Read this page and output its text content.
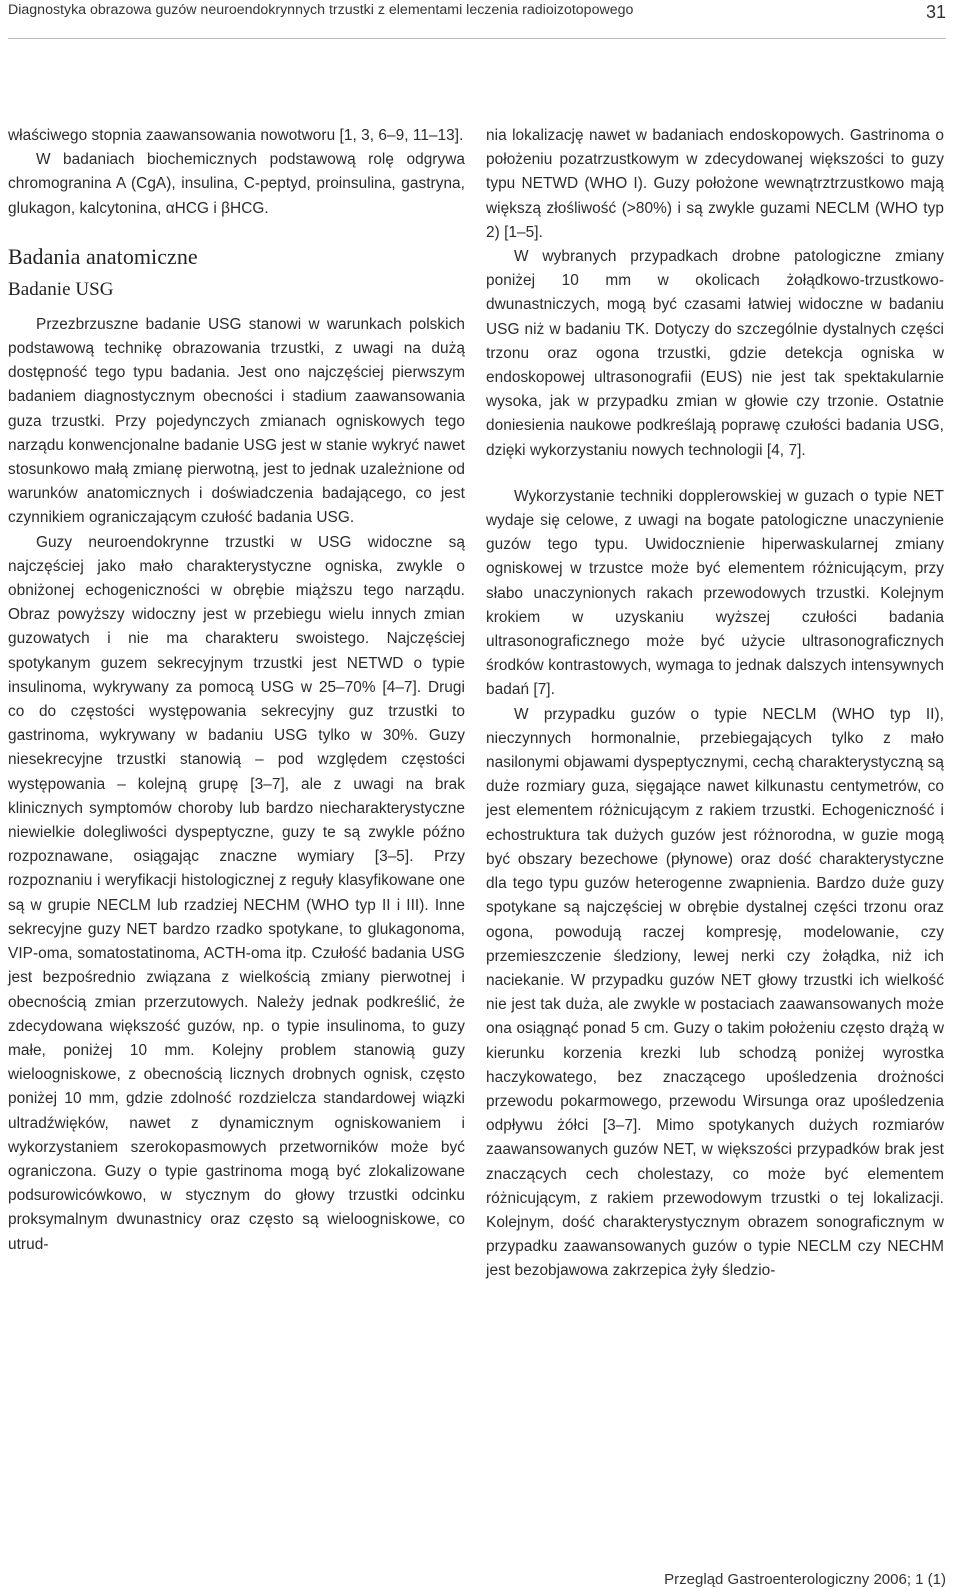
Diagnostyka obrazowa guzów neuroendokrynnych trzustki z elementami leczenia radioizotopowego	31

właściwego stopnia zaawansowania nowotworu [1, 3, 6–9, 11–13].

W badaniach biochemicznych podstawową rolę odgrywa chromogranina A (CgA), insulina, C-peptyd, proinsulina, gastryna, glukagon, kalcytonina, αHCG i βHCG.

Badania anatomiczne
Badanie USG

Przezbrzuszne badanie USG stanowi w warunkach polskich podstawową technikę obrazowania trzustki, z uwagi na dużą dostępność tego typu badania. Jest ono najczęściej pierwszym badaniem diagnostycznym obecności i stadium zaawansowania guza trzustki. Przy pojedynczych zmianach ogniskowych tego narządu konwencjonalne badanie USG jest w stanie wykryć nawet stosunkowo małą zmianę pierwotną, jest to jednak uzależnione od warunków anatomicznych i doświadczenia badającego, co jest czynnikiem ograniczającym czułość badania USG.

Guzy neuroendokrynne trzustki w USG widoczne są najczęściej jako mało charakterystyczne ogniska, zwykle o obniżonej echogeniczności w obrębie miąższu tego narządu. Obraz powyższy widoczny jest w przebiegu wielu innych zmian guzowatych i nie ma charakteru swoistego. Najczęściej spotykanym guzem sekrecyjnym trzustki jest NETWD o typie insulinoma, wykrywany za pomocą USG w 25–70% [4–7]. Drugi co do częstości występowania sekrecyjny guz trzustki to gastrinoma, wykrywany w badaniu USG tylko w 30%. Guzy niesekrecyjne trzustki stanowią – pod względem częstości występowania – kolejną grupę [3–7], ale z uwagi na brak klinicznych symptomów choroby lub bardzo niecharakterystyczne niewielkie dolegliwości dyspeptyczne, guzy te są zwykle późno rozpoznawane, osiągając znaczne wymiary [3–5]. Przy rozpoznaniu i weryfikacji histologicznej z reguły klasyfikowane one są w grupie NECLM lub rzadziej NECHM (WHO typ II i III). Inne sekrecyjne guzy NET bardzo rzadko spotykane, to glukagonoma, VIP-oma, somatostatinoma, ACTH-oma itp. Czułość badania USG jest bezpośrednio związana z wielkością zmiany pierwotnej i obecnością zmian przerzutowych. Należy jednak podkreślić, że zdecydowana większość guzów, np. o typie insulinoma, to guzy małe, poniżej 10 mm. Kolejny problem stanowią guzy wieloogniskowe, z obecnością licznych drobnych ognisk, często poniżej 10 mm, gdzie zdolność rozdzielcza standardowej wiązki ultradźwięków, nawet z dynamicznym ogniskowaniem i wykorzystaniem szerokopasmowych przetworników może być ograniczona. Guzy o typie gastrinoma mogą być zlokalizowane podsurowicówkowo, w stycznym do głowy trzustki odcinku proksymalnym dwunastnicy oraz często są wieloogniskowe, co utrud-

nia lokalizację nawet w badaniach endoskopowych. Gastrinoma o położeniu pozatrzustkowym w zdecydowanej większości to guzy typu NETWD (WHO I). Guzy położone wewnątrztrzustkowo mają większą złośliwość (>80%) i są zwykle guzami NECLM (WHO typ 2) [1–5].

W wybranych przypadkach drobne patologiczne zmiany poniżej 10 mm w okolicach żołądkowo-trzustkowo-dwunastniczych, mogą być czasami łatwiej widoczne w badaniu USG niż w badaniu TK. Dotyczy do szczególnie dystalnych części trzonu oraz ogona trzustki, gdzie detekcja ogniska w endoskopowej ultrasonografii (EUS) nie jest tak spektakularnie wysoka, jak w przypadku zmian w głowie czy trzonie. Ostatnie doniesienia naukowe podkreślają poprawę czułości badania USG, dzięki wykorzystaniu nowych technologii [4, 7].

Wykorzystanie techniki dopplerowskiej w guzach o typie NET wydaje się celowe, z uwagi na bogate patologiczne unaczynienie guzów tego typu. Uwidocznienie hiperwaskularnej zmiany ogniskowej w trzustce może być elementem różnicującym, przy słabo unaczynionych rakach przewodowych trzustki. Kolejnym krokiem w uzyskaniu wyższej czułości badania ultrasonograficznego może być użycie ultrasonograficznych środków kontrastowych, wymaga to jednak dalszych intensywnych badań [7].

W przypadku guzów o typie NECLM (WHO typ II), nieczynnych hormonalnie, przebiegających tylko z mało nasilonymi objawami dyspeptycznymi, cechą charakterystyczną są duże rozmiary guza, sięgające nawet kilkunastu centymetrów, co jest elementem różnicującym z rakiem trzustki. Echogeniczność i echostruktura tak dużych guzów jest różnorodna, w guzie mogą być obszary bezechowe (płynowe) oraz dość charakterystyczne dla tego typu guzów heterogenne zwapnienia. Bardzo duże guzy spotykane są najczęściej w obrębie dystalnej części trzonu oraz ogona, powodują raczej kompresję, modelowanie, czy przemieszczenie śledziony, lewej nerki czy żołądka, niż ich naciekanie. W przypadku guzów NET głowy trzustki ich wielkość nie jest tak duża, ale zwykle w postaciach zaawansowanych może ona osiągnąć ponad 5 cm. Guzy o takim położeniu często drążą w kierunku korzenia krezki lub schodzą poniżej wyrostka haczykowatego, bez znaczącego upośledzenia drożności przewodu pokarmowego, przewodu Wirsunga oraz upośledzenia odpływu żółci [3–7]. Mimo spotykanych dużych rozmiarów zaawansowanych guzów NET, w większości przypadków brak jest znaczących cech cholestazy, co może być elementem różnicującym, z rakiem przewodowym trzustki o tej lokalizacji. Kolejnym, dość charakterystycznym obrazem sonograficznym w przypadku zaawansowanych guzów o typie NECLM czy NECHM jest bezobjawowa zakrzepica żyły śledzio-

Przegląd Gastroenterologiczny 2006; 1 (1)
